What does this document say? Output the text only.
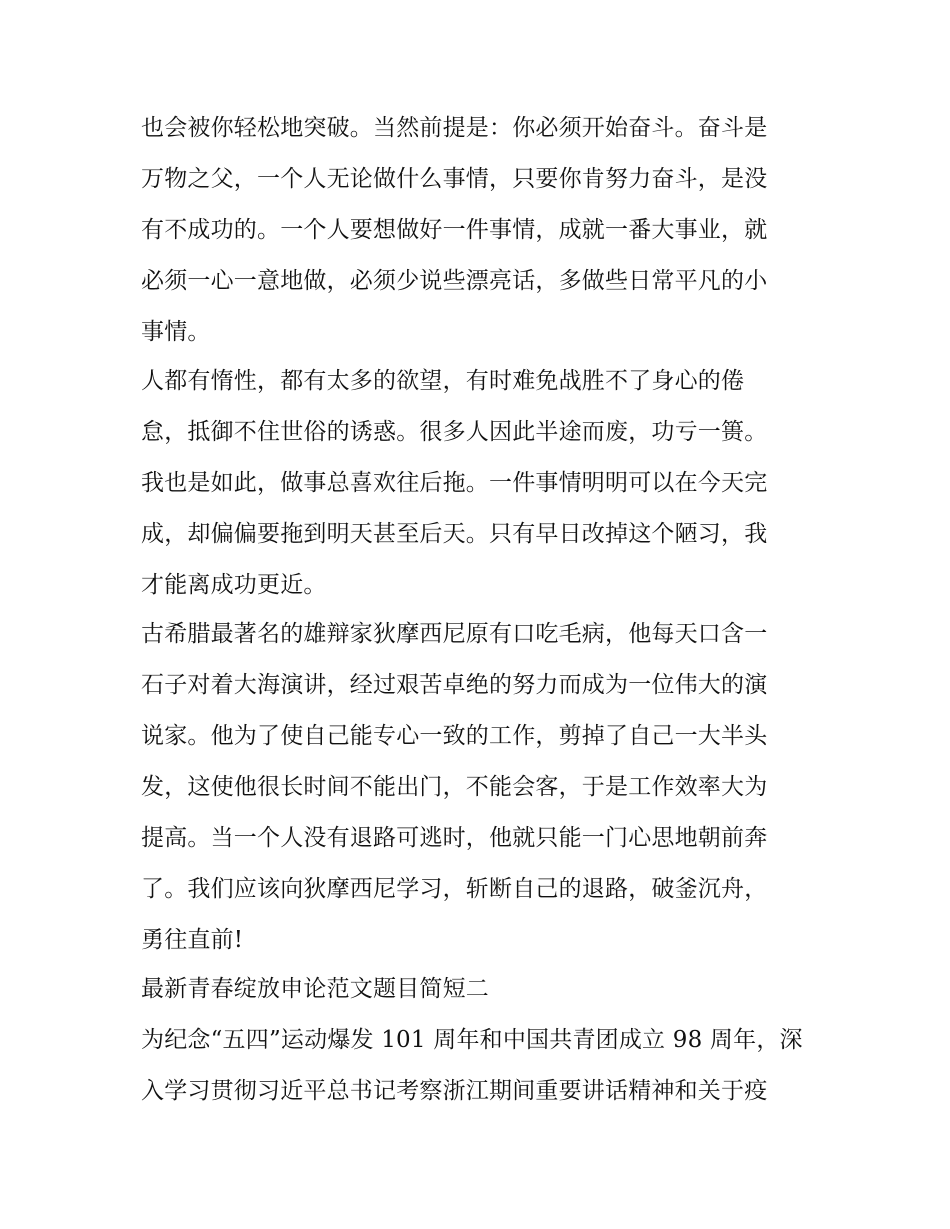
也会被你轻松地突破。当然前提是：你必须开始奋斗。奋斗是
万物之父，一个人无论做什么事情，只要你肯努力奋斗，是没
有不成功的。一个人要想做好一件事情，成就一番大事业，就
必须一心一意地做，必须少说些漂亮话，多做些日常平凡的小
事情。
人都有惰性，都有太多的欲望，有时难免战胜不了身心的倦
怠，抵御不住世俗的诱惑。很多人因此半途而废，功亏一篑。
我也是如此，做事总喜欢往后拖。一件事情明明可以在今天完
成，却偏偏要拖到明天甚至后天。只有早日改掉这个陋习，我
才能离成功更近。
古希腊最著名的雄辩家狄摩西尼原有口吃毛病，他每天口含一
石子对着大海演讲，经过艰苦卓绝的努力而成为一位伟大的演
说家。他为了使自己能专心一致的工作，剪掉了自己一大半头
发，这使他很长时间不能出门，不能会客，于是工作效率大为
提高。当一个人没有退路可逃时，他就只能一门心思地朝前奔
了。我们应该向狄摩西尼学习，斩断自己的退路，破釜沉舟，
勇往直前!
最新青春绽放申论范文题目简短二
为纪念“五四”运动爆发 101 周年和中国共青团成立 98 周年，深
入学习贯彻习近平总书记考察浙江期间重要讲话精神和关于疫
